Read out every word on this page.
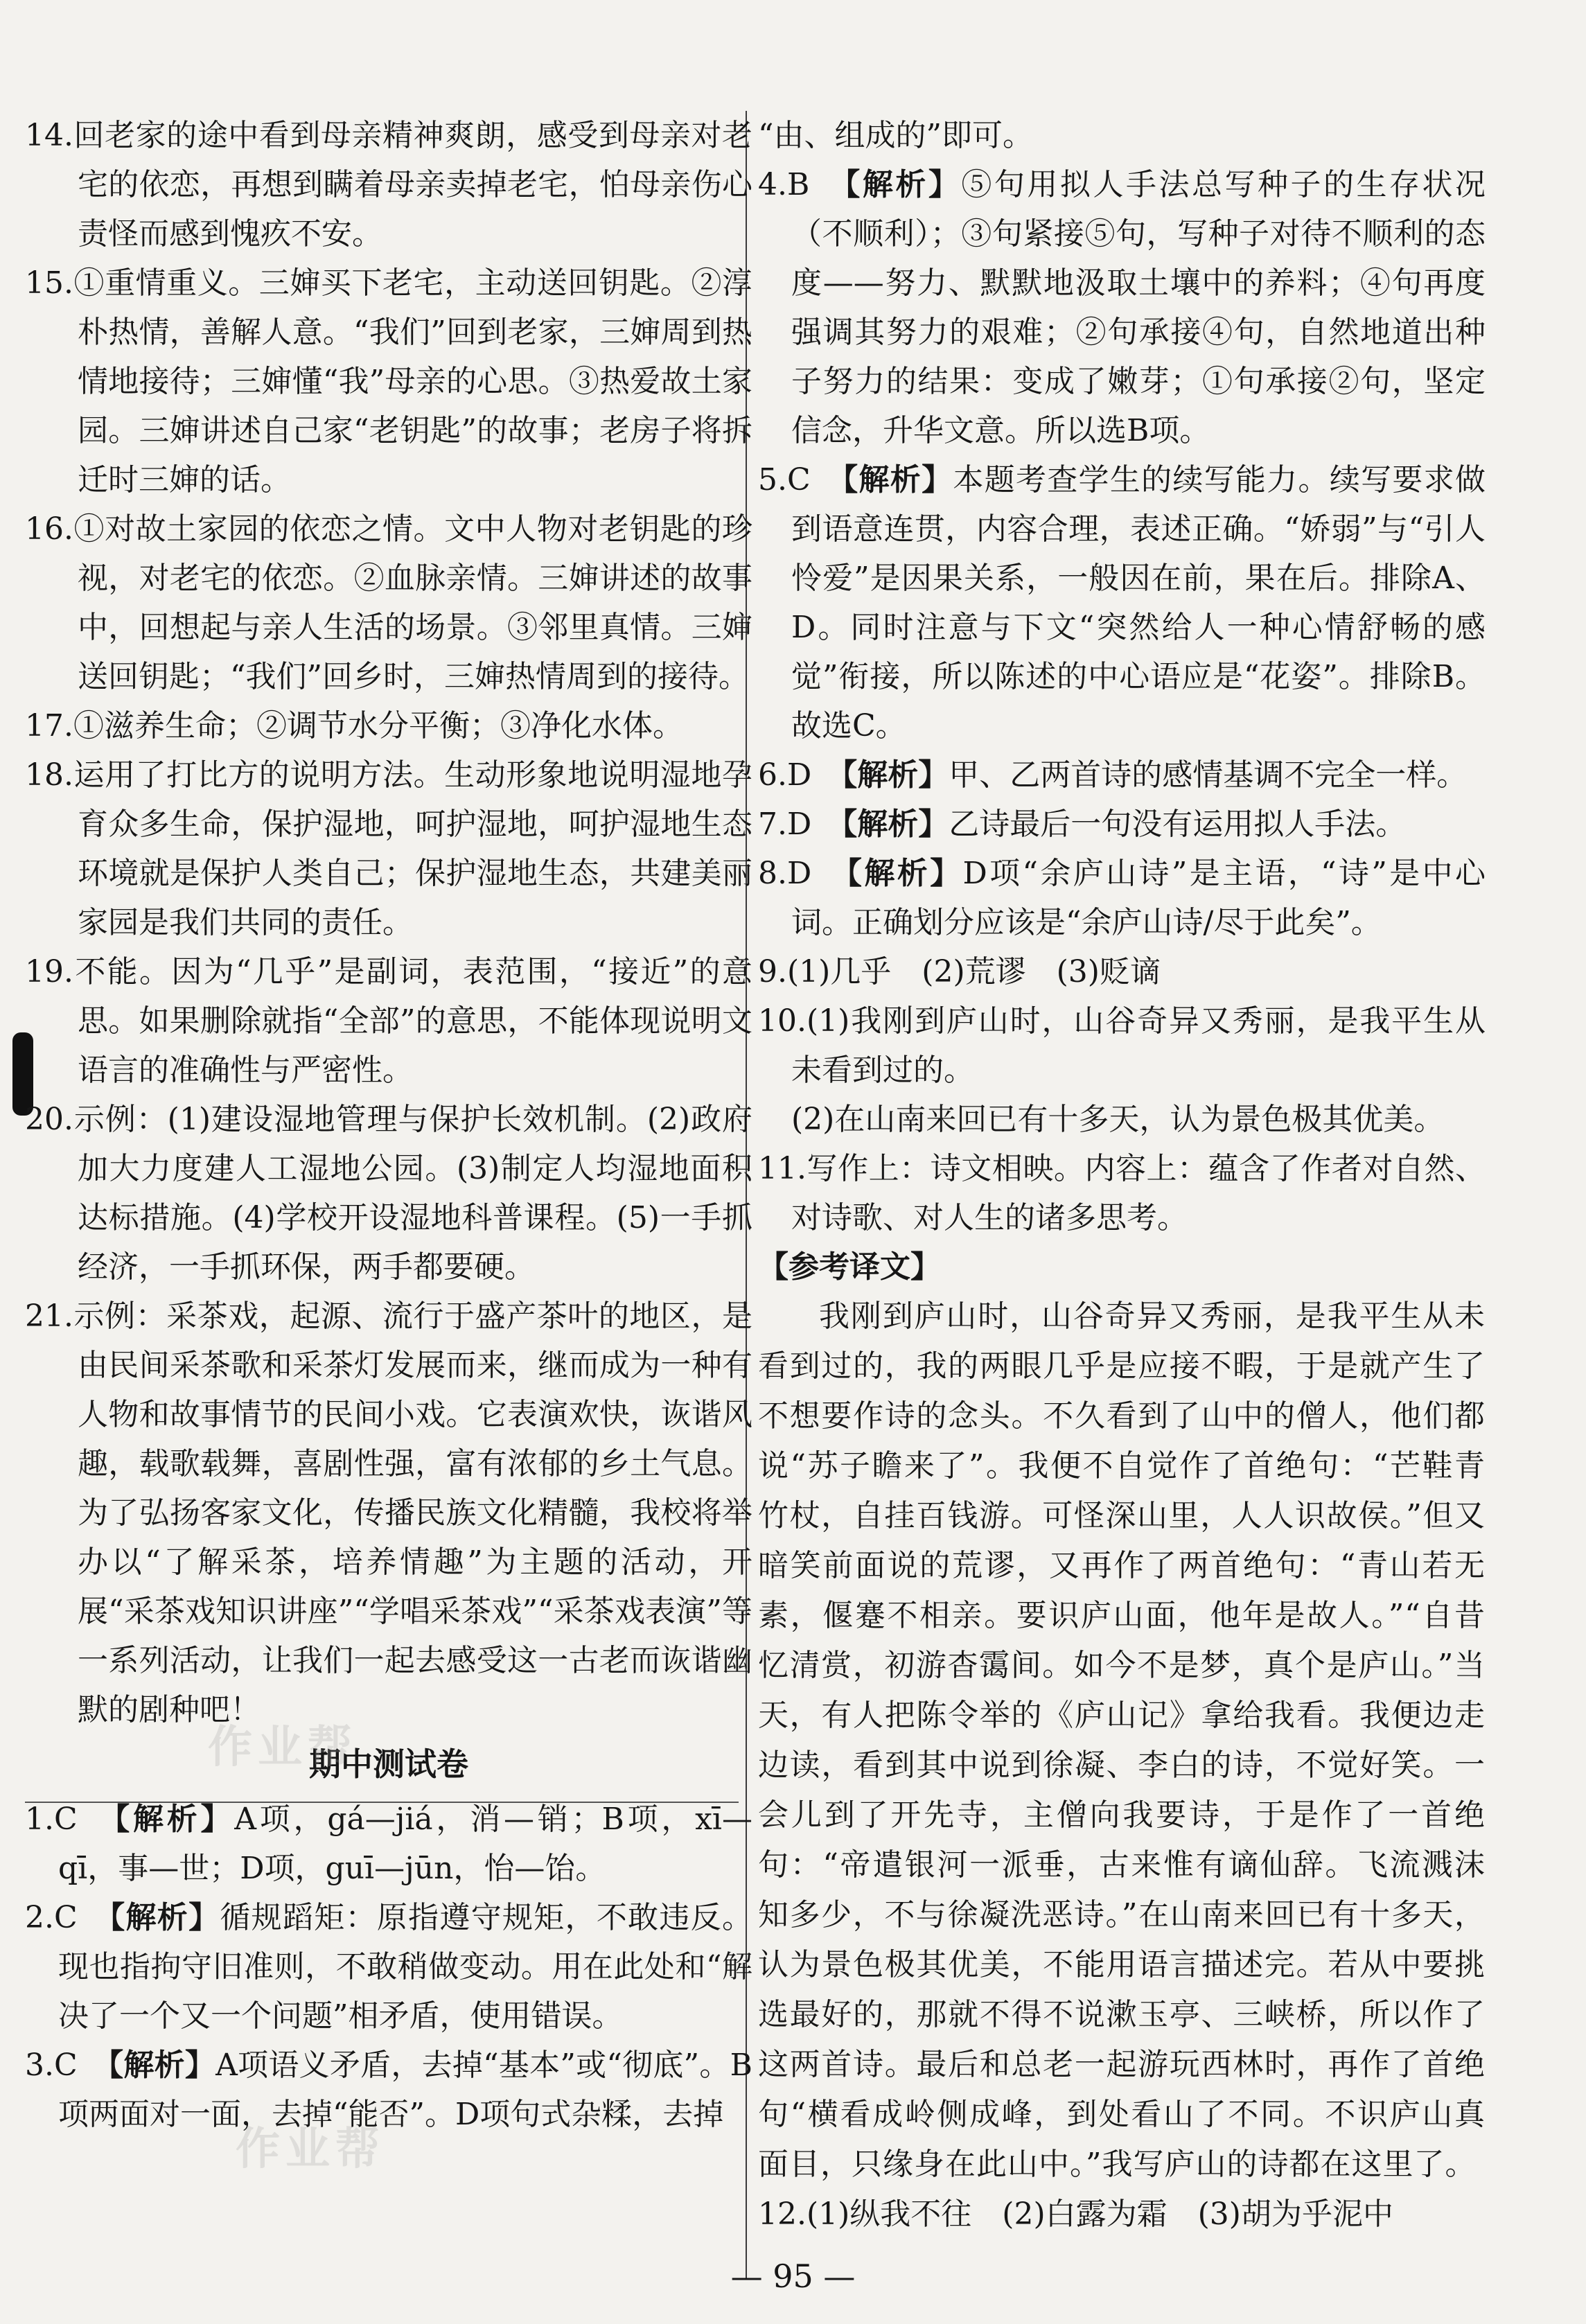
14.回老家的途中看到母亲精神爽朗，感受到母亲对老宅的依恋，再想到瞒着母亲卖掉老宅，怕母亲伤心责怪而感到愧疚不安。

15.①重情重义。三婶买下老宅，主动送回钥匙。②淳朴热情，善解人意。“我们”回到老家，三婶周到热情地接待；三婶懂“我”母亲的心思。③热爱故土家园。三婶讲述自己家“老钥匙”的故事；老房子将拆迁时三婶的话。

16.①对故土家园的依恋之情。文中人物对老钥匙的珍视，对老宅的依恋。②血脉亲情。三婶讲述的故事中，回想起与亲人生活的场景。③邻里真情。三婶送回钥匙；“我们”回乡时，三婶热情周到的接待。

17.①滋养生命；②调节水分平衡；③净化水体。

18.运用了打比方的说明方法。生动形象地说明湿地孕育众多生命，保护湿地，呵护湿地，呵护湿地生态环境就是保护人类自己；保护湿地生态，共建美丽家园是我们共同的责任。

19.不能。因为“几乎”是副词，表范围，“接近”的意思。如果删除就指“全部”的意思，不能体现说明文语言的准确性与严密性。

20.示例：(1)建设湿地管理与保护长效机制。(2)政府加大力度建人工湿地公园。(3)制定人均湿地面积达标措施。(4)学校开设湿地科普课程。(5)一手抓经济，一手抓环保，两手都要硬。

21.示例：采茶戏，起源、流行于盛产茶叶的地区，是由民间采茶歌和采茶灯发展而来，继而成为一种有人物和故事情节的民间小戏。它表演欢快，诙谐风趣，载歌载舞，喜剧性强，富有浓郁的乡土气息。为了弘扬客家文化，传播民族文化精髓，我校将举办以“了解采茶，培养情趣”为主题的活动，开展“采茶戏知识讲座”“学唱采茶戏”“采茶戏表演”等一系列活动，让我们一起去感受这一古老而诙谐幽默的剧种吧！

期中测试卷

1.C　 【解析】A项，gá—jiá，消—销；B项，xī—qī，事—世；D项，guī—jūn，怡—饴。

2.C　 【解析】循规蹈矩：原指遵守规矩，不敢违反。现也指拘守旧准则，不敢稍做变动。用在此处和“解决了一个又一个问题”相矛盾，使用错误。

3.C　 【解析】A项语义矛盾，去掉“基本”或“彻底”。B项两面对一面，去掉“能否”。D项句式杂糅，去掉

“由、组成的”即可。

4.B　 【解析】⑤句用拟人手法总写种子的生存状况（不顺利）；③句紧接⑤句，写种子对待不顺利的态度——努力、默默地汲取土壤中的养料；④句再度强调其努力的艰难；②句承接④句，自然地道出种子努力的结果：变成了嫩芽；①句承接②句，坚定信念，升华文意。所以选B项。

5.C　 【解析】本题考查学生的续写能力。续写要求做到语意连贯，内容合理，表述正确。“娇弱”与“引人怜爱”是因果关系，一般因在前，果在后。排除A、D。同时注意与下文“突然给人一种心情舒畅的感觉”衔接，所以陈述的中心语应是“花姿”。排除B。故选C。

6.D　 【解析】甲、乙两首诗的感情基调不完全一样。

7.D　 【解析】乙诗最后一句没有运用拟人手法。

8.D　 【解析】D项“余庐山诗”是主语，“诗”是中心词。正确划分应该是“余庐山诗/尽于此矣”。

9.(1)几乎　(2)荒谬　(3)贬谪

10.(1)我刚到庐山时，山谷奇异又秀丽，是我平生从未看到过的。

(2)在山南来回已有十多天，认为景色极其优美。

11.写作上：诗文相映。内容上：蕴含了作者对自然、对诗歌、对人生的诸多思考。

【参考译文】

我刚到庐山时，山谷奇异又秀丽，是我平生从未看到过的，我的两眼几乎是应接不暇，于是就产生了不想要作诗的念头。不久看到了山中的僧人，他们都说“苏子瞻来了”。我便不自觉作了首绝句：“芒鞋青竹杖，自挂百钱游。可怪深山里，人人识故侯。”但又暗笑前面说的荒谬，又再作了两首绝句：“青山若无素，偃蹇不相亲。要识庐山面，他年是故人。”“自昔忆清赏，初游杳霭间。如今不是梦，真个是庐山。”当天，有人把陈令举的《庐山记》拿给我看。我便边走边读，看到其中说到徐凝、李白的诗，不觉好笑。一会儿到了开先寺，主僧向我要诗，于是作了一首绝句：“帝遣银河一派垂，古来惟有谪仙辞。飞流溅沫知多少，不与徐凝洗恶诗。”在山南来回已有十多天，认为景色极其优美，不能用语言描述完。若从中要挑选最好的，那就不得不说漱玉亭、三峡桥，所以作了这两首诗。最后和总老一起游玩西林时，再作了首绝句“横看成岭侧成峰，到处看山了不同。不识庐山真面目，只缘身在此山中。”我写庐山的诗都在这里了。

12.(1)纵我不往　(2)白露为霜　(3)胡为乎泥中

作业帮
作业帮
— 95 —
